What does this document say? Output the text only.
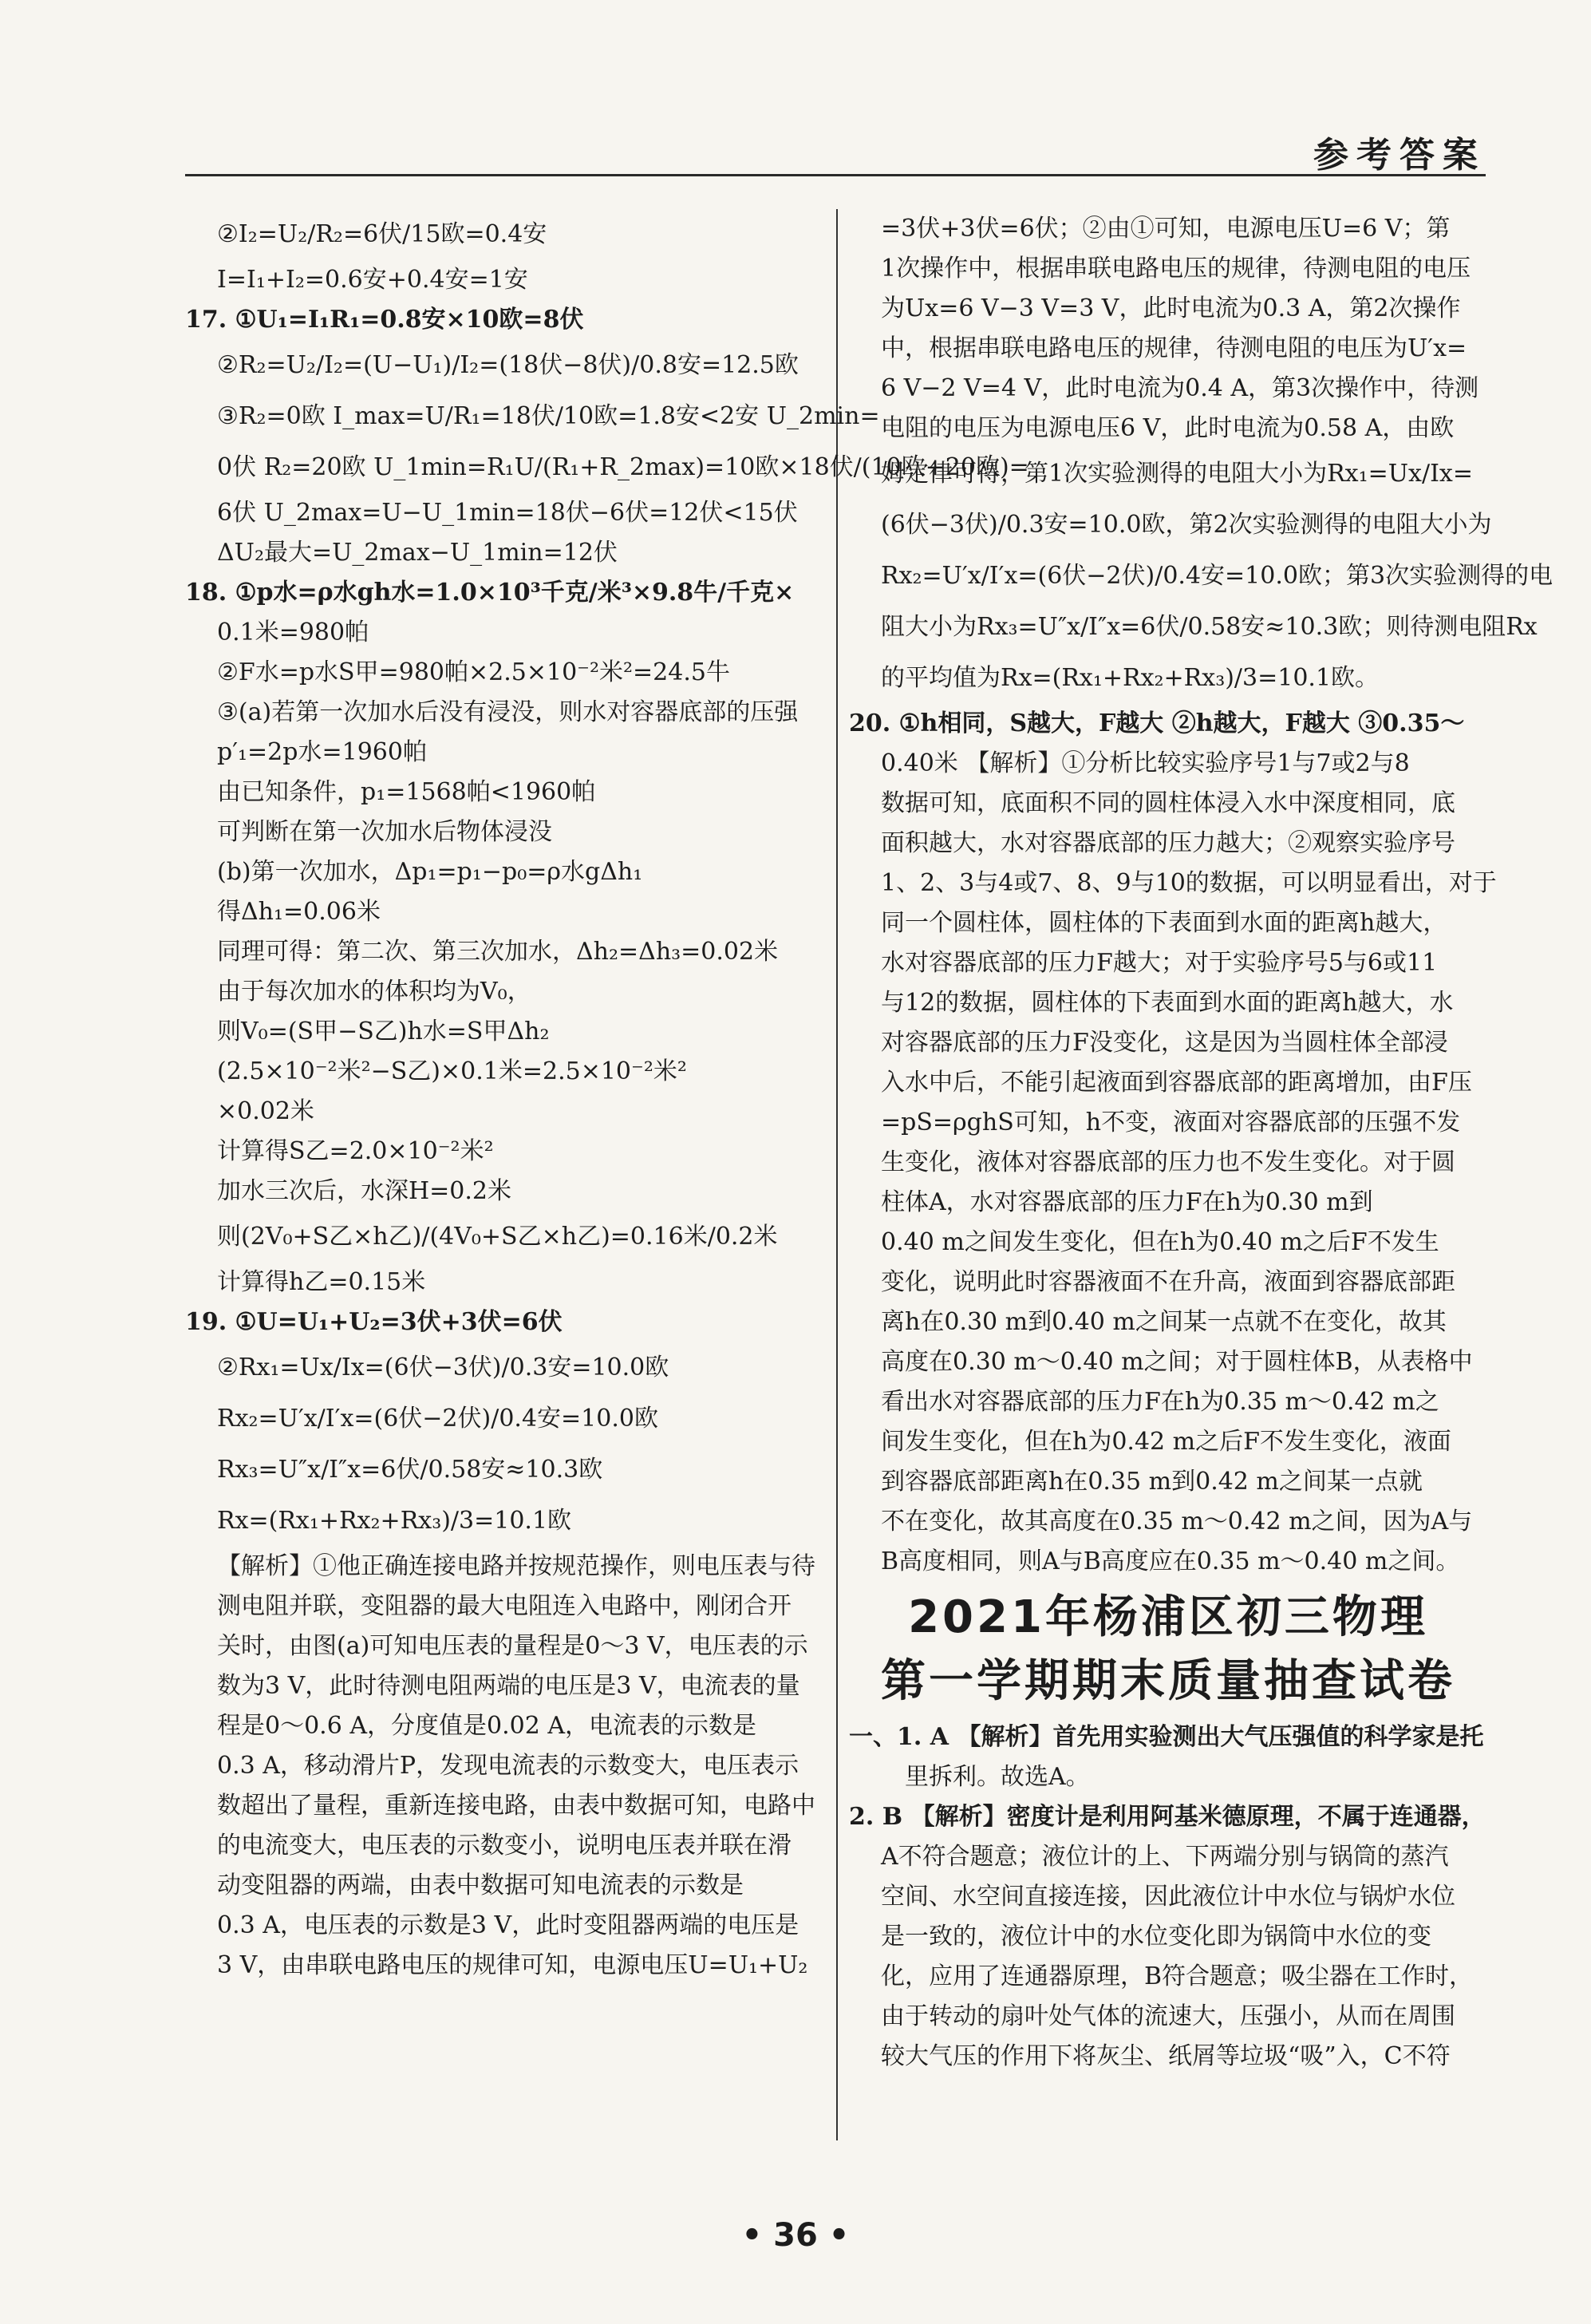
参考答案
②I₂=U₂/R₂=6伏/15欧=0.4安
I=I₁+I₂=0.6安+0.4安=1安
17. ①U₁=I₁R₁=0.8安×10欧=8伏
②R₂=U₂/I₂=(U−U₁)/I₂=(18伏−8伏)/0.8安=12.5欧
③R₂=0欧 I_max=U/R₁=18伏/10欧=1.8安<2安 U_2min=
0伏 R₂=20欧 U_1min=R₁U/(R₁+R_2max)=10欧×18伏/(10欧+20欧)=
6伏 U_2max=U−U_1min=18伏−6伏=12伏<15伏
ΔU₂最大=U_2max−U_1min=12伏
18. ①p水=ρ水gh水=1.0×10³千克/米³×9.8牛/千克×
0.1米=980帕
②F水=p水S甲=980帕×2.5×10⁻²米²=24.5牛
③(a)若第一次加水后没有浸没，则水对容器底部的压强
p′₁=2p水=1960帕
由已知条件，p₁=1568帕<1960帕
可判断在第一次加水后物体浸没
(b)第一次加水，Δp₁=p₁−p₀=ρ水gΔh₁
得Δh₁=0.06米
同理可得：第二次、第三次加水，Δh₂=Δh₃=0.02米
由于每次加水的体积均为V₀，
则V₀=(S甲−S乙)h水=S甲Δh₂
(2.5×10⁻²米²−S乙)×0.1米=2.5×10⁻²米²
×0.02米
计算得S乙=2.0×10⁻²米²
加水三次后，水深H=0.2米
则(2V₀+S乙×h乙)/(4V₀+S乙×h乙)=0.16米/0.2米
计算得h乙=0.15米
19. ①U=U₁+U₂=3伏+3伏=6伏
②Rx₁=Ux/Ix=(6伏−3伏)/0.3安=10.0欧
Rx₂=U′x/I′x=(6伏−2伏)/0.4安=10.0欧
Rx₃=U″x/I″x=6伏/0.58安≈10.3欧
Rx=(Rx₁+Rx₂+Rx₃)/3=10.1欧
【解析】①他正确连接电路并按规范操作，则电压表与待
测电阻并联，变阻器的最大电阻连入电路中，刚闭合开
关时，由图(a)可知电压表的量程是0～3 V，电压表的示
数为3 V，此时待测电阻两端的电压是3 V，电流表的量
程是0～0.6 A，分度值是0.02 A，电流表的示数是
0.3 A，移动滑片P，发现电流表的示数变大，电压表示
数超出了量程，重新连接电路，由表中数据可知，电路中
的电流变大，电压表的示数变小，说明电压表并联在滑
动变阻器的两端，由表中数据可知电流表的示数是
0.3 A，电压表的示数是3 V，此时变阻器两端的电压是
3 V，由串联电路电压的规律可知，电源电压U=U₁+U₂
=3伏+3伏=6伏；②由①可知，电源电压U=6 V；第
1次操作中，根据串联电路电压的规律，待测电阻的电压
为Ux=6 V−3 V=3 V，此时电流为0.3 A，第2次操作
中，根据串联电路电压的规律，待测电阻的电压为U′x=
6 V−2 V=4 V，此时电流为0.4 A，第3次操作中，待测
电阻的电压为电源电压6 V，此时电流为0.58 A，由欧
姆定律可得，第1次实验测得的电阻大小为Rx₁=Ux/Ix=
(6伏−3伏)/0.3安=10.0欧，第2次实验测得的电阻大小为
Rx₂=U′x/I′x=(6伏−2伏)/0.4安=10.0欧；第3次实验测得的电
阻大小为Rx₃=U″x/I″x=6伏/0.58安≈10.3欧；则待测电阻Rx
的平均值为Rx=(Rx₁+Rx₂+Rx₃)/3=10.1欧。
20. ①h相同，S越大，F越大 ②h越大，F越大 ③0.35～
0.40米 【解析】①分析比较实验序号1与7或2与8
数据可知，底面积不同的圆柱体浸入水中深度相同，底
面积越大，水对容器底部的压力越大；②观察实验序号
1、2、3与4或7、8、9与10的数据，可以明显看出，对于
同一个圆柱体，圆柱体的下表面到水面的距离h越大，
水对容器底部的压力F越大；对于实验序号5与6或11
与12的数据，圆柱体的下表面到水面的距离h越大，水
对容器底部的压力F没变化，这是因为当圆柱体全部浸
入水中后，不能引起液面到容器底部的距离增加，由F压
=pS=ρghS可知，h不变，液面对容器底部的压强不发
生变化，液体对容器底部的压力也不发生变化。对于圆
柱体A，水对容器底部的压力F在h为0.30 m到
0.40 m之间发生变化，但在h为0.40 m之后F不发生
变化，说明此时容器液面不在升高，液面到容器底部距
离h在0.30 m到0.40 m之间某一点就不在变化，故其
高度在0.30 m～0.40 m之间；对于圆柱体B，从表格中
看出水对容器底部的压力F在h为0.35 m～0.42 m之
间发生变化，但在h为0.42 m之后F不发生变化，液面
到容器底部距离h在0.35 m到0.42 m之间某一点就
不在变化，故其高度在0.35 m～0.42 m之间，因为A与
B高度相同，则A与B高度应在0.35 m～0.40 m之间。
2021年杨浦区初三物理
第一学期期末质量抽查试卷
一、1. A 【解析】首先用实验测出大气压强值的科学家是托
里拆利。故选A。
2. B 【解析】密度计是利用阿基米德原理，不属于连通器，
A不符合题意；液位计的上、下两端分别与锅筒的蒸汽
空间、水空间直接连接，因此液位计中水位与锅炉水位
是一致的，液位计中的水位变化即为锅筒中水位的变
化，应用了连通器原理，B符合题意；吸尘器在工作时，
由于转动的扇叶处气体的流速大，压强小，从而在周围
较大气压的作用下将灰尘、纸屑等垃圾“吸”入，C不符
• 36 •
